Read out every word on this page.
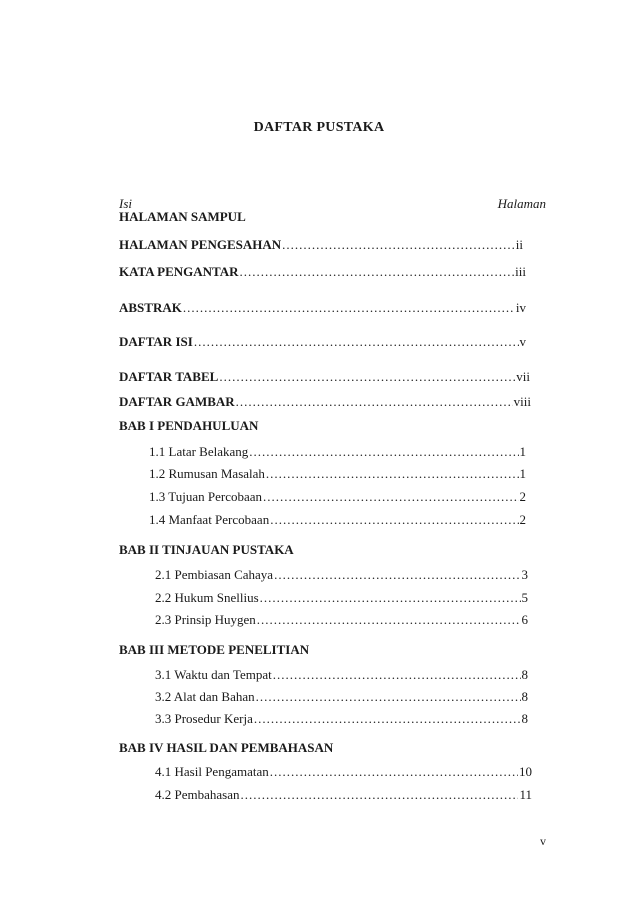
DAFTAR PUSTAKA
Isi	Halaman
HALAMAN SAMPUL
HALAMAN PENGESAHAN .....	ii
KATA PENGANTAR .....	iii
ABSTRAK .....	iv
DAFTAR ISI .....	v
DAFTAR TABEL .....	vii
DAFTAR GAMBAR .....	viii
BAB I PENDAHULUAN
1.1 Latar Belakang .....	1
1.2 Rumusan Masalah .....	1
1.3 Tujuan Percobaan .....	2
1.4 Manfaat Percobaan .....	2
BAB II TINJAUAN PUSTAKA
2.1 Pembiasan Cahaya .....	3
2.2 Hukum Snellius .....	5
2.3 Prinsip Huygen .....	6
BAB III METODE PENELITIAN
3.1 Waktu dan Tempat .....	8
3.2 Alat dan Bahan .....	8
3.3 Prosedur Kerja .....	8
BAB IV HASIL DAN PEMBAHASAN
4.1 Hasil Pengamatan .....	10
4.2 Pembahasan .....	11
v
